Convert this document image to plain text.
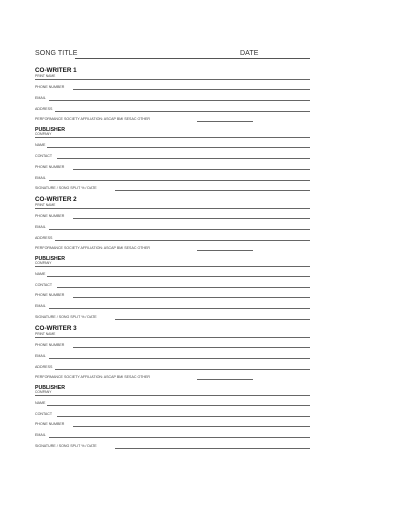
SONG TITLE	DATE
CO-WRITER 1
PRINT NAME
PHONE NUMBER
EMAIL
ADDRESS
PERFORMANCE SOCIETY AFFILIATION: ASCAP BMI SESAC OTHER
PUBLISHER
COMPANY
NAME
CONTACT
PHONE NUMBER
EMAIL
SIGNATURE / SONG SPLIT % / DATE
CO-WRITER 2
PRINT NAME
PHONE NUMBER
EMAIL
ADDRESS
PERFORMANCE SOCIETY AFFILIATION: ASCAP BMI SESAC OTHER
PUBLISHER
COMPANY
NAME
CONTACT
PHONE NUMBER
EMAIL
SIGNATURE / SONG SPLIT % / DATE
CO-WRITER 3
PRINT NAME
PHONE NUMBER
EMAIL
ADDRESS
PERFORMANCE SOCIETY AFFILIATION: ASCAP BMI SESAC OTHER
PUBLISHER
COMPANY
NAME
CONTACT
PHONE NUMBER
EMAIL
SIGNATURE / SONG SPLIT % / DATE
